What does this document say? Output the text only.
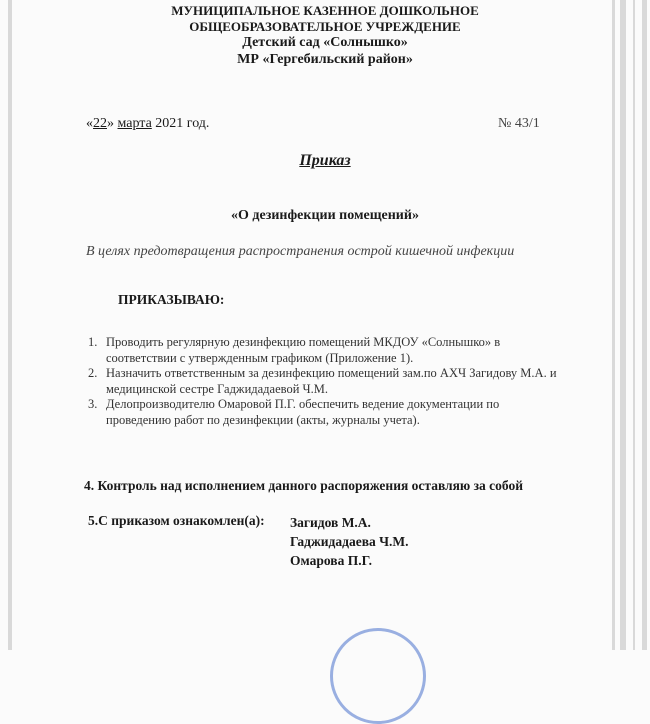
МУНИЦИПАЛЬНОЕ КАЗЕННОЕ ДОШКОЛЬНОЕ
ОБЩЕОБРАЗОВАТЕЛЬНОЕ УЧРЕЖДЕНИЕ
Детский сад «Солнышко»
МР «Гергебильский район»
«22» марта 2021 год.	№ 43/1
Приказ
«О дезинфекции помещений»
В целях предотвращения распространения острой кишечной инфекции
ПРИКАЗЫВАЮ:
1. Проводить регулярную дезинфекцию помещений МКДОУ «Солнышко» в соответствии с утвержденным графиком (Приложение 1).
2. Назначить ответственным за дезинфекцию помещений зам.по АХЧ Загидову М.А. и медицинской сестре Гаджидадаевой Ч.М.
3. Делопроизводителю Омаровой П.Г. обеспечить ведение документации по проведению работ по дезинфекции (акты, журналы учета).
4. Контроль над исполнением данного распоряжения оставляю за собой
5.С приказом ознакомлен(а): Загидов М.А.
Гаджидадаева Ч.М.
Омарова П.Г.
